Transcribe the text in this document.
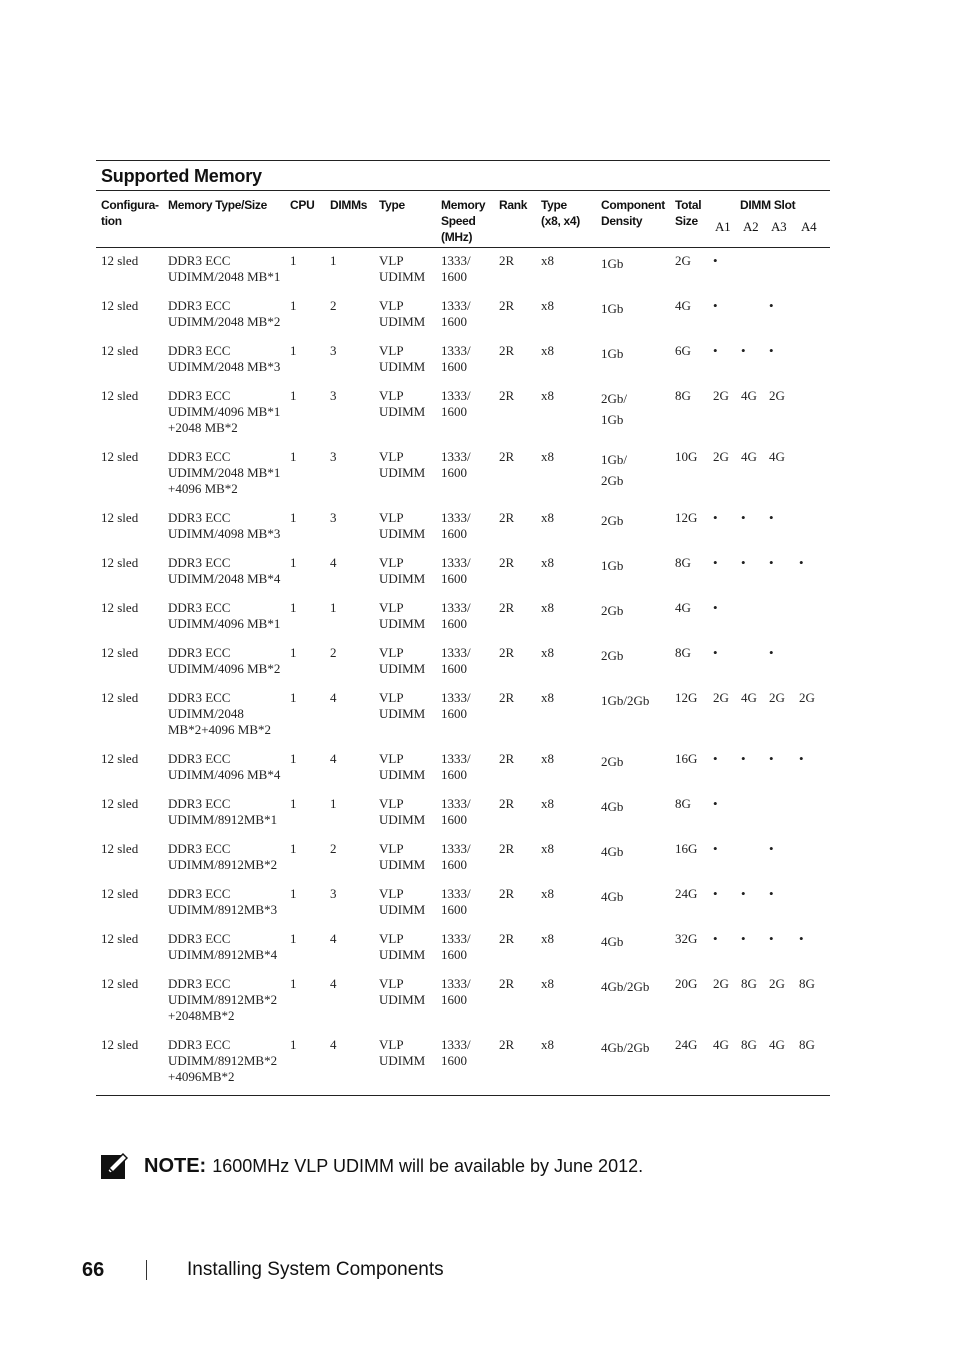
Supported Memory
Configura-
tion	Memory Type/Size	CPU	DIMMs	Type	Memory
Speed
(MHz)	Rank	Type
(x8, x4)	Component
Density	Total
Size	DIMM Slot			
										A1	A2	A3	A4
12 sled	DDR3 ECC
UDIMM/2048 MB*1	1	1	VLP
UDIMM	1333/
1600	2R	x8	1Gb	2G	•			
12 sled	DDR3 ECC
UDIMM/2048 MB*2	1	2	VLP
UDIMM	1333/
1600	2R	x8	1Gb	4G	•		•	
12 sled	DDR3 ECC
UDIMM/2048 MB*3	1	3	VLP
UDIMM	1333/
1600	2R	x8	1Gb	6G	•	•	•	
12 sled	DDR3 ECC
UDIMM/4096 MB*1
+2048 MB*2	1	3	VLP
UDIMM	1333/
1600	2R	x8	2Gb/
1Gb	8G	2G	4G	2G	
12 sled	DDR3 ECC
UDIMM/2048 MB*1
+4096 MB*2	1	3	VLP
UDIMM	1333/
1600	2R	x8	1Gb/
2Gb	10G	2G	4G	4G	
12 sled	DDR3 ECC
UDIMM/4098 MB*3	1	3	VLP
UDIMM	1333/
1600	2R	x8	2Gb	12G	•	•	•	
12 sled	DDR3 ECC
UDIMM/2048 MB*4	1	4	VLP
UDIMM	1333/
1600	2R	x8	1Gb	8G	•	•	•	•
12 sled	DDR3 ECC
UDIMM/4096 MB*1	1	1	VLP
UDIMM	1333/
1600	2R	x8	2Gb	4G	•			
12 sled	DDR3 ECC
UDIMM/4096 MB*2	1	2	VLP
UDIMM	1333/
1600	2R	x8	2Gb	8G	•		•	
12 sled	DDR3 ECC
UDIMM/2048
MB*2+4096 MB*2	1	4	VLP
UDIMM	1333/
1600	2R	x8	1Gb/2Gb	12G	2G	4G	2G	2G
12 sled	DDR3 ECC
UDIMM/4096 MB*4	1	4	VLP
UDIMM	1333/
1600	2R	x8	2Gb	16G	•	•	•	•
12 sled	DDR3 ECC
UDIMM/8912MB*1	1	1	VLP
UDIMM	1333/
1600	2R	x8	4Gb	8G	•			
12 sled	DDR3 ECC
UDIMM/8912MB*2	1	2	VLP
UDIMM	1333/
1600	2R	x8	4Gb	16G	•		•	
12 sled	DDR3 ECC
UDIMM/8912MB*3	1	3	VLP
UDIMM	1333/
1600	2R	x8	4Gb	24G	•	•	•	
12 sled	DDR3 ECC
UDIMM/8912MB*4	1	4	VLP
UDIMM	1333/
1600	2R	x8	4Gb	32G	•	•	•	•
12 sled	DDR3 ECC
UDIMM/8912MB*2
+2048MB*2	1	4	VLP
UDIMM	1333/
1600	2R	x8	4Gb/2Gb	20G	2G	8G	2G	8G
12 sled	DDR3 ECC
UDIMM/8912MB*2
+4096MB*2	1	4	VLP
UDIMM	1333/
1600	2R	x8	4Gb/2Gb	24G	4G	8G	4G	8G
NOTE: 1600MHz VLP UDIMM will be available by June 2012.
66	Installing System Components
